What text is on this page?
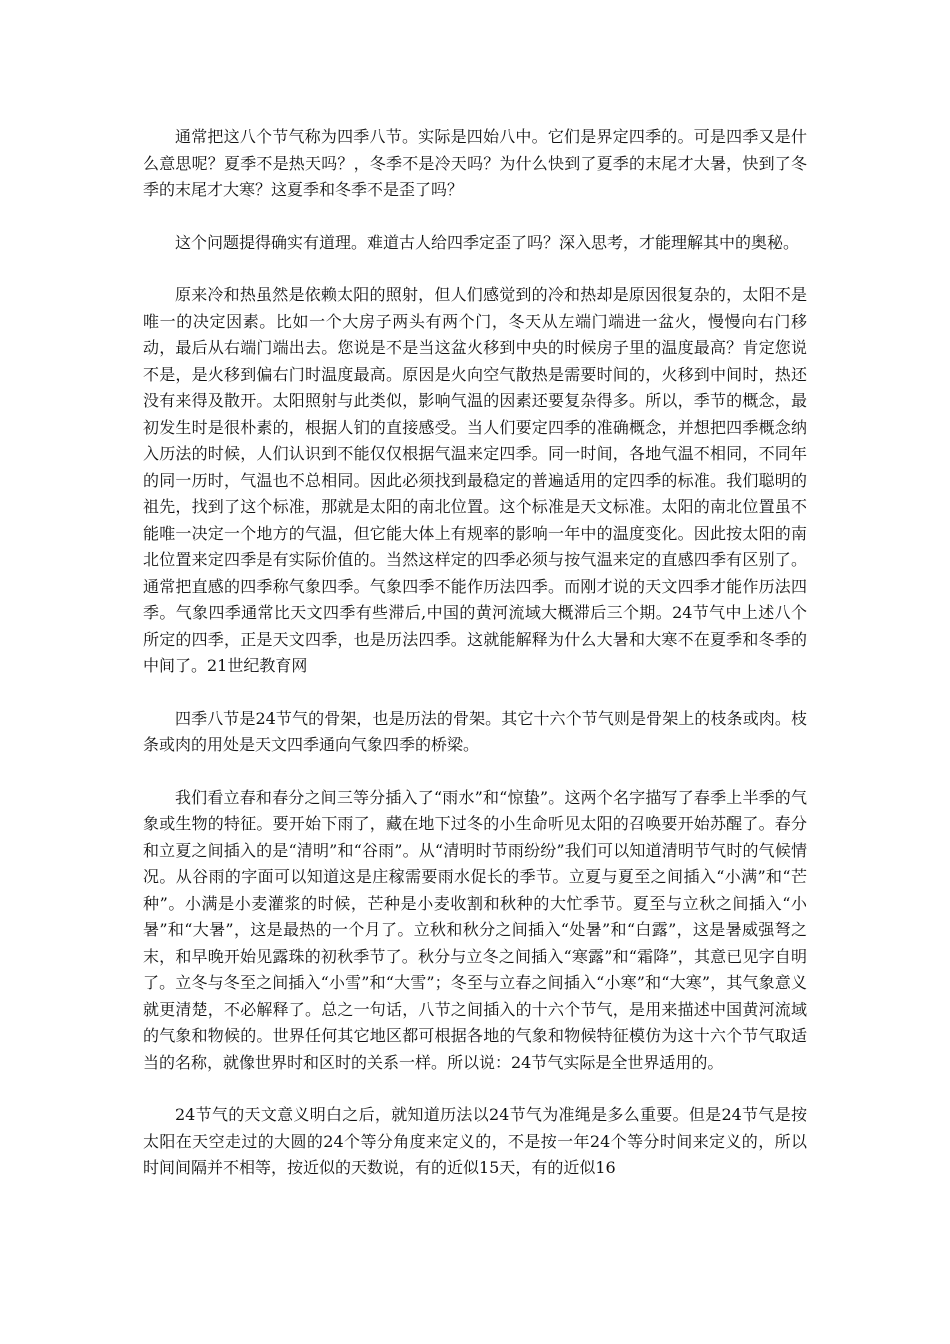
通常把这八个节气称为四季八节。实际是四始八中。它们是界定四季的。可是四季又是什么意思呢？夏季不是热天吗？，冬季不是冷天吗？为什么快到了夏季的末尾才大暑，快到了冬季的末尾才大寒？这夏季和冬季不是歪了吗？

这个问题提得确实有道理。难道古人给四季定歪了吗？深入思考，才能理解其中的奥秘。

原来冷和热虽然是依赖太阳的照射，但人们感觉到的冷和热却是原因很复杂的，太阳不是唯一的决定因素。比如一个大房子两头有两个门，冬天从左端门端进一盆火，慢慢向右门移动，最后从右端门端出去。您说是不是当这盆火移到中央的时候房子里的温度最高？肯定您说不是，是火移到偏右门时温度最高。原因是火向空气散热是需要时间的，火移到中间时，热还没有来得及散开。太阳照射与此类似，影响气温的因素还要复杂得多。所以，季节的概念，最初发生时是很朴素的，根据人钔的直接感受。当人们要定四季的准确概念，并想把四季概念纳入历法的时候，人们认识到不能仅仅根据气温来定四季。同一时间，各地气温不相同，不同年的同一历时，气温也不总相同。因此必须找到最稳定的普遍适用的定四季的标准。我们聪明的祖先，找到了这个标准，那就是太阳的南北位置。这个标准是天文标准。太阳的南北位置虽不能唯一决定一个地方的气温，但它能大体上有规率的影响一年中的温度变化。因此按太阳的南北位置来定四季是有实际价值的。当然这样定的四季必须与按气温来定的直感四季有区别了。通常把直感的四季称气象四季。气象四季不能作历法四季。而刚才说的天文四季才能作历法四季。气象四季通常比天文四季有些滞后,中国的黄河流域大概滞后三个期。24节气中上述八个所定的四季，正是天文四季，也是历法四季。这就能解释为什么大暑和大寒不在夏季和冬季的中间了。21世纪教育网

四季八节是24节气的骨架，也是历法的骨架。其它十六个节气则是骨架上的枝条或肉。枝条或肉的用处是天文四季通向气象四季的桥梁。

我们看立春和春分之间三等分插入了“雨水”和“惊蛰”。这两个名字描写了春季上半季的气象或生物的特征。要开始下雨了，藏在地下过冬的小生命听见太阳的召唤要开始苏醒了。春分和立夏之间插入的是“清明”和“谷雨”。从“清明时节雨纷纷”我们可以知道清明节气时的气候情况。从谷雨的字面可以知道这是庄稼需要雨水促长的季节。立夏与夏至之间插入“小满”和“芒种”。小满是小麦灌浆的时候，芒种是小麦收割和秋种的大忙季节。夏至与立秋之间插入“小暑”和“大暑”，这是最热的一个月了。立秋和秋分之间插入“处暑”和“白露”，这是暑威强弩之末，和早晚开始见露珠的初秋季节了。秋分与立冬之间插入“寒露”和“霜降”，其意已见字自明了。立冬与冬至之间插入“小雪”和“大雪”；冬至与立春之间插入“小寒”和“大寒”，其气象意义就更清楚，不必解释了。总之一句话，八节之间插入的十六个节气，是用来描述中国黄河流域的气象和物候的。世界任何其它地区都可根据各地的气象和物候特征模仿为这十六个节气取适当的名称，就像世界时和区时的关系一样。所以说：24节气实际是全世界适用的。

24节气的天文意义明白之后，就知道历法以24节气为准绳是多么重要。但是24节气是按太阳在天空走过的大圆的24个等分角度来定义的，不是按一年24个等分时间来定义的，所以时间间隔并不相等，按近似的天数说，有的近似15天，有的近似16
